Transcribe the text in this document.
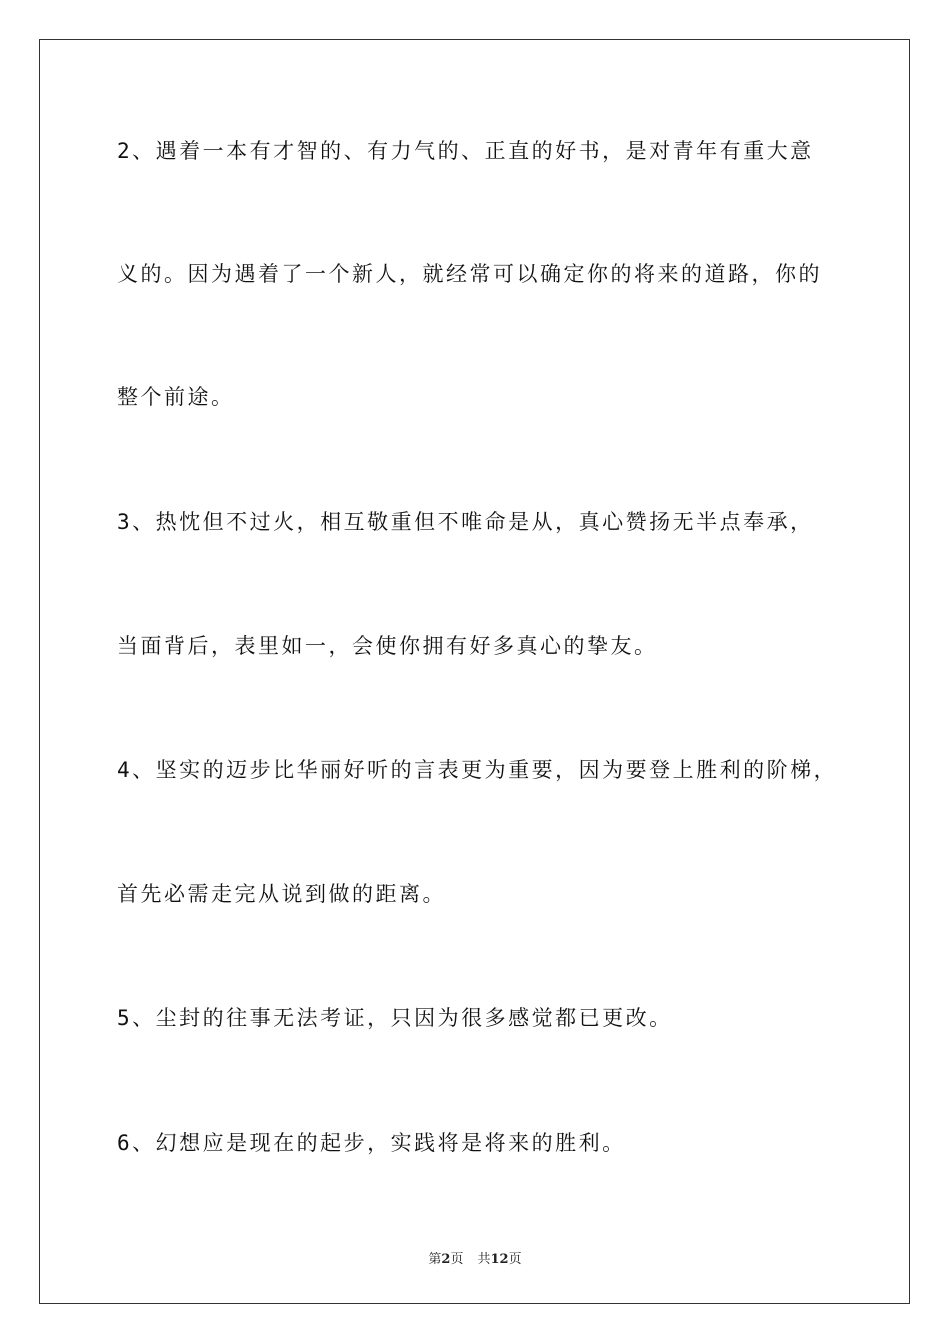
2、遇着一本有才智的、有力气的、正直的好书，是对青年有重大意
义的。因为遇着了一个新人，就经常可以确定你的将来的道路，你的
整个前途。
3、热忱但不过火，相互敬重但不唯命是从，真心赞扬无半点奉承，
当面背后，表里如一，会使你拥有好多真心的挚友。
4、坚实的迈步比华丽好听的言表更为重要，因为要登上胜利的阶梯，
首先必需走完从说到做的距离。
5、尘封的往事无法考证，只因为很多感觉都已更改。
6、幻想应是现在的起步，实践将是将来的胜利。
第2页 共12页
